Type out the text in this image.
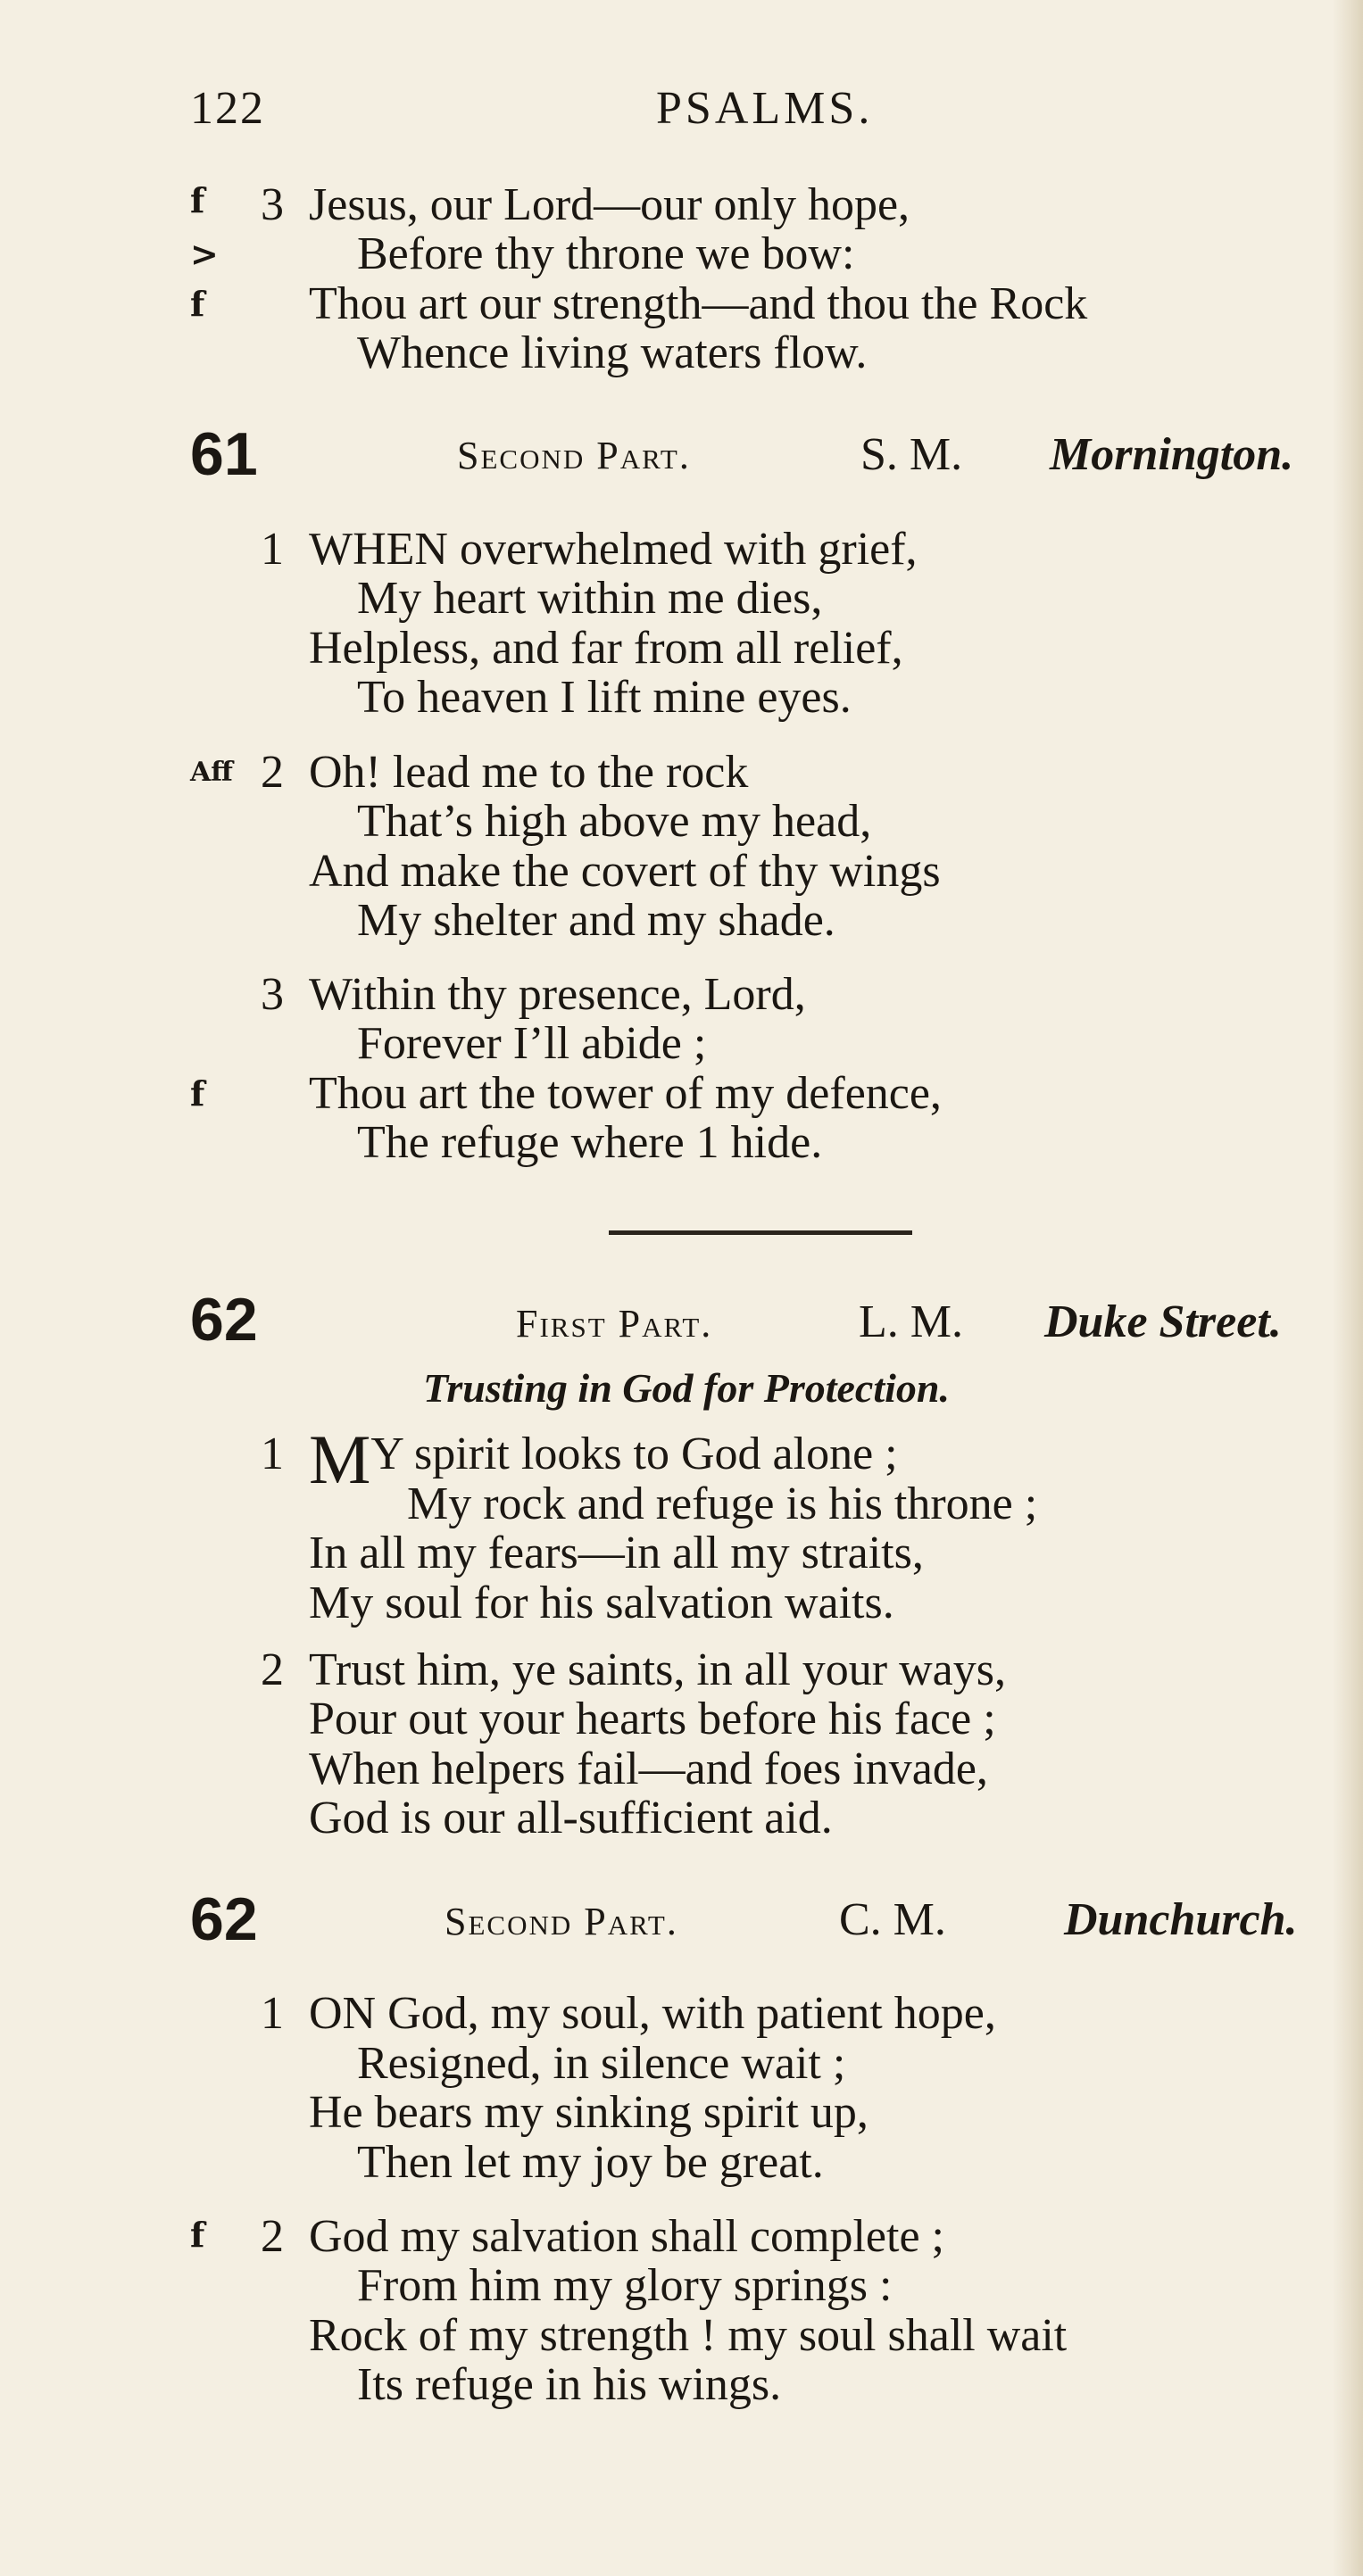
122	PSALMS.
f 3 Jesus, our Lord—our only hope,
>	Before thy throne we bow:
f Thou art our strength—and thou the Rock
Whence living waters flow.
61	Second Part.	S. M. Mornington.
1 WHEN overwhelmed with grief,
My heart within me dies,
Helpless, and far from all relief,
To heaven I lift mine eyes.
Aff 2 Oh! lead me to the rock
That’s high above my head,
And make the covert of thy wings
My shelter and my shade.
3 Within thy presence, Lord,
Forever I’ll abide ;
f Thou art the tower of my defence,
The refuge where 1 hide.
62	First Part.	L. M. Duke Street.
Trusting in God for Protection.
1 MY spirit looks to God alone ;
My rock and refuge is his throne ;
In all my fears—in all my straits,
My soul for his salvation waits.
2 Trust him, ye saints, in all your ways,
Pour out your hearts before his face ;
When helpers fail—and foes invade,
God is our all-sufficient aid.
62	Second Part.	C. M.	Dunchurch.
1 ON God, my soul, with patient hope,
Resigned, in silence wait ;
He bears my sinking spirit up,
Then let my joy be great.
f 2 God my salvation shall complete ;
From him my glory springs :
Rock of my strength ! my soul shall wait
Its refuge in his wings.
